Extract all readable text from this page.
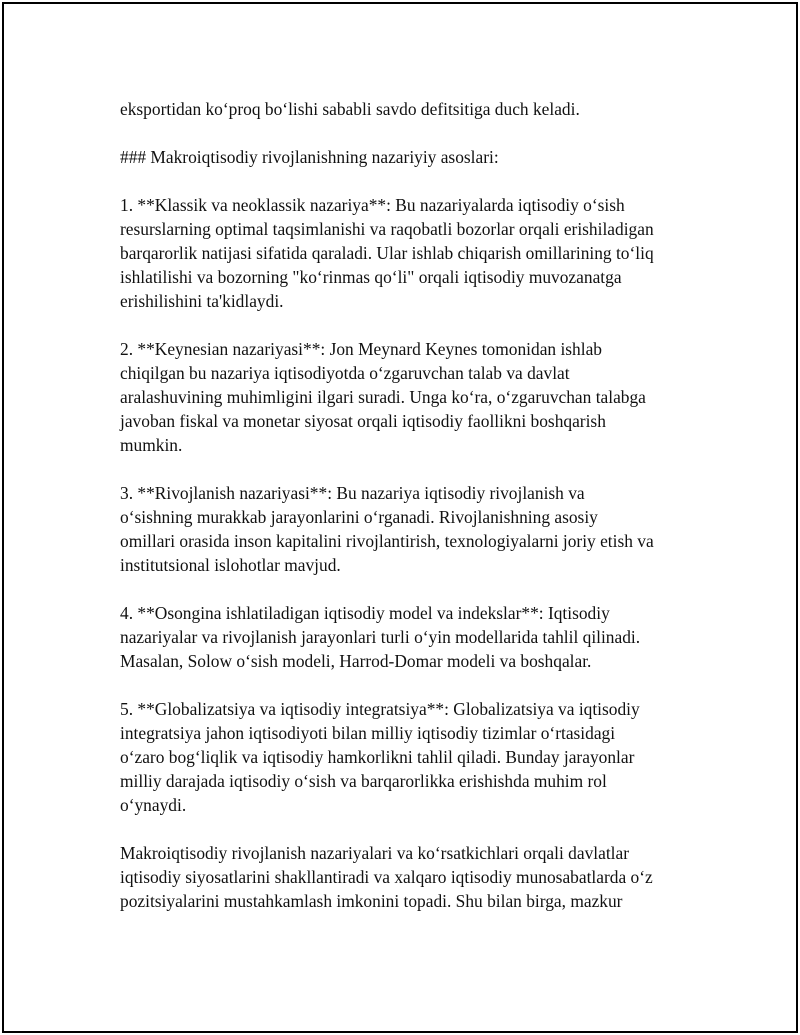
eksportidan ko‘proq bo‘lishi sababli savdo defitsitiga duch keladi.

### Makroiqtisodiy rivojlanishning nazariyiy asoslari:

1. **Klassik va neoklassik nazariya**: Bu nazariyalarda iqtisodiy o‘sish
resurslarning optimal taqsimlanishi va raqobatli bozorlar orqali erishiladigan
barqarorlik natijasi sifatida qaraladi. Ular ishlab chiqarish omillarining to‘liq
ishlatilishi va bozorning "ko‘rinmas qo‘li" orqali iqtisodiy muvozanatga
erishilishini ta'kidlaydi.

2. **Keynesian nazariyasi**: Jon Meynard Keynes tomonidan ishlab
chiqilgan bu nazariya iqtisodiyotda o‘zgaruvchan talab va davlat
aralashuvining muhimligini ilgari suradi. Unga ko‘ra, o‘zgaruvchan talabga
javoban fiskal va monetar siyosat orqali iqtisodiy faollikni boshqarish
mumkin.

3. **Rivojlanish nazariyasi**: Bu nazariya iqtisodiy rivojlanish va
o‘sishning murakkab jarayonlarini o‘rganadi. Rivojlanishning asosiy
omillari orasida inson kapitalini rivojlantirish, texnologiyalarni joriy etish va
institutsional islohotlar mavjud.

4. **Osongina ishlatiladigan iqtisodiy model va indekslar**: Iqtisodiy
nazariyalar va rivojlanish jarayonlari turli o‘yin modellarida tahlil qilinadi.
Masalan, Solow o‘sish modeli, Harrod-Domar modeli va boshqalar.

5. **Globalizatsiya va iqtisodiy integratsiya**: Globalizatsiya va iqtisodiy
integratsiya jahon iqtisodiyoti bilan milliy iqtisodiy tizimlar o‘rtasidagi
o‘zaro bog‘liqlik va iqtisodiy hamkorlikni tahlil qiladi. Bunday jarayonlar
milliy darajada iqtisodiy o‘sish va barqarorlikka erishishda muhim rol
o‘ynaydi.

Makroiqtisodiy rivojlanish nazariyalari va ko‘rsatkichlari orqali davlatlar
iqtisodiy siyosatlarini shakllantiradi va xalqaro iqtisodiy munosabatlarda o‘z
pozitsiyalarini mustahkamlash imkonini topadi. Shu bilan birga, mazkur
